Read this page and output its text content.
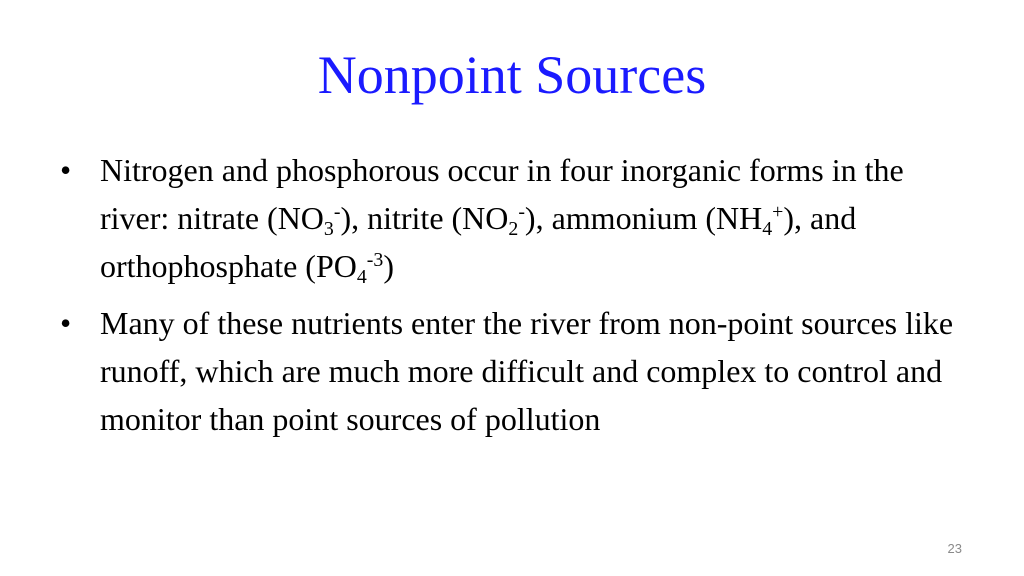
Nonpoint Sources
• Nitrogen and phosphorous occur in four inorganic forms in the river: nitrate $(NO_3^-)$, nitrite $(NO_2^-)$, ammonium $(NH_4^+)$, and orthophosphate $(PO_4^{-3})$
• Many of these nutrients enter the river from non-point sources like runoff, which are much more difficult and complex to control and monitor than point sources of pollution
23
